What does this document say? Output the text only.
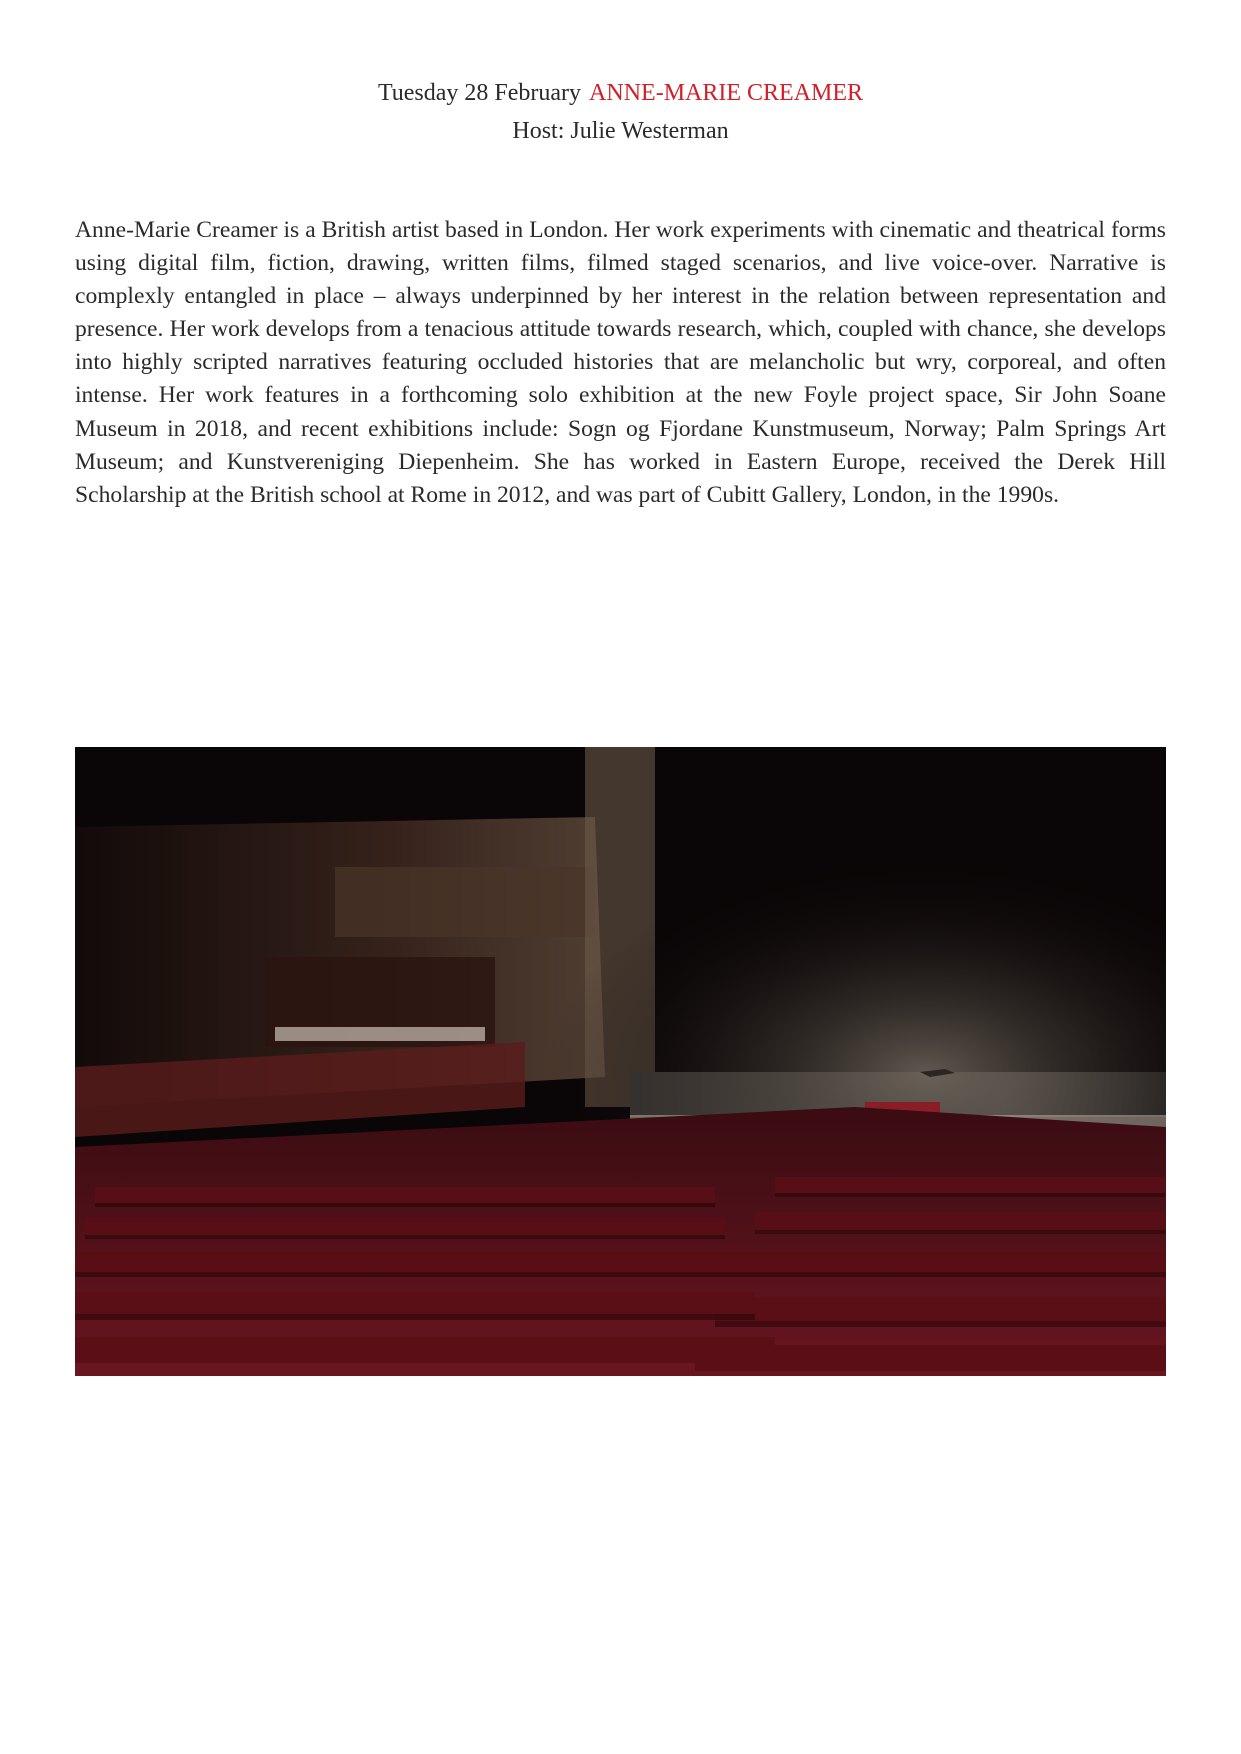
Tuesday 28 February ANNE-MARIE CREAMER
Host: Julie Westerman

Anne-Marie Creamer is a British artist based in London. Her work experiments with cinematic and theatrical forms using digital film, fiction, drawing, written films, filmed staged scenarios, and live voice-over. Narrative is complexly entangled in place – always underpinned by her interest in the relation between representation and presence. Her work develops from a tenacious attitude towards research, which, coupled with chance, she develops into highly scripted narratives featuring occluded histories that are melancholic but wry, corporeal, and often intense. Her work features in a forthcoming solo exhibition at the new Foyle project space, Sir John Soane Museum in 2018, and recent exhibitions include: Sogn og Fjordane Kunstmuseum, Norway; Palm Springs Art Museum; and Kunstvereniging Diepenheim. She has worked in Eastern Europe, received the Derek Hill Scholarship at the British school at Rome in 2012, and was part of Cubitt Gallery, London, in the 1990s.
